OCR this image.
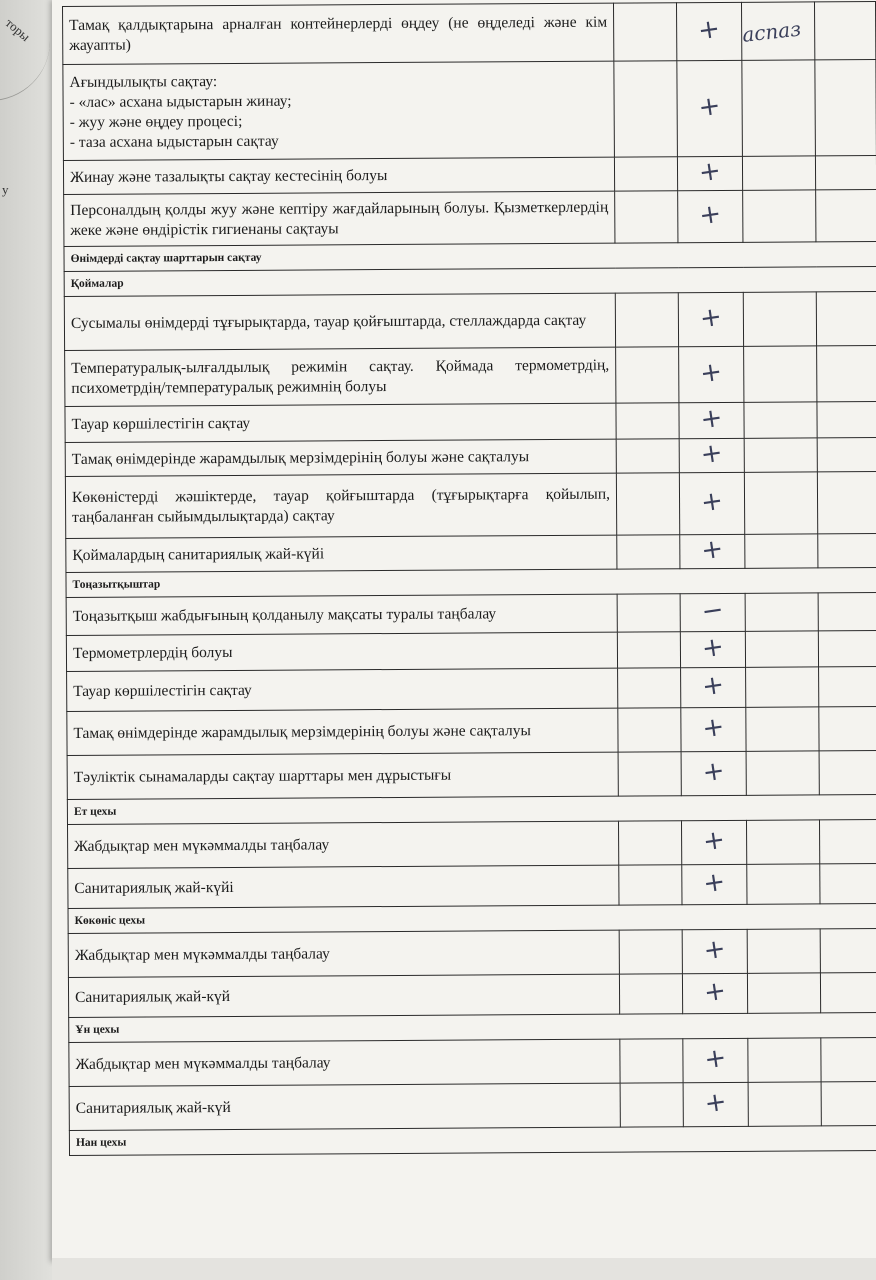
торы
у
Тамақ қалдықтарына арналған контейнерлерді өңдеу (не өңделеді және кім жауапты)		+	аспаз	
Ағындылықты сақтау:
- «лас» асхана ыдыстарын жинау;
- жуу және өңдеу процесі;
- таза асхана ыдыстарын сақтау		+		
Жинау және тазалықты сақтау кестесінің болуы		+		
Персоналдың қолды жуу және кептіру жағдайларының болуы. Қызметкерлердің жеке және өндірістік гигиенаны сақтауы		+		
Өнімдерді сақтау шарттарын сақтау				
Қоймалар				
Сусымалы өнімдерді тұғырықтарда, тауар қойғыштарда, стеллаждарда сақтау		+		
Температуралық-ылғалдылық режимін сақтау. Қоймада термометрдің, психометрдің/температуралық режимнің болуы		+		
Тауар көршілестігін сақтау		+		
Тамақ өнімдерінде жарамдылық мерзімдерінің болуы және сақталуы		+		
Көкөністерді жәшіктерде, тауар қойғыштарда (тұғырықтарға қойылып, таңбаланған сыйымдылықтарда) сақтау		+		
Қоймалардың санитариялық жай-күйі		+		
Тоңазытқыштар				
Тоңазытқыш жабдығының қолданылу мақсаты туралы таңбалау		−		
Термометрлердің болуы		+		
Тауар көршілестігін сақтау		+		
Тамақ өнімдерінде жарамдылық мерзімдерінің болуы және сақталуы		+		
Тәуліктік сынамаларды сақтау шарттары мен дұрыстығы		+		
Ет цехы				
Жабдықтар мен мүкәммалды таңбалау		+		
Санитариялық жай-күйі		+		
Көкөніс цехы				
Жабдықтар мен мүкәммалды таңбалау		+		
Санитариялық жай-күй		+		
Ұн цехы				
Жабдықтар мен мүкәммалды таңбалау		+		
Санитариялық жай-күй		+		
Нан цехы				
